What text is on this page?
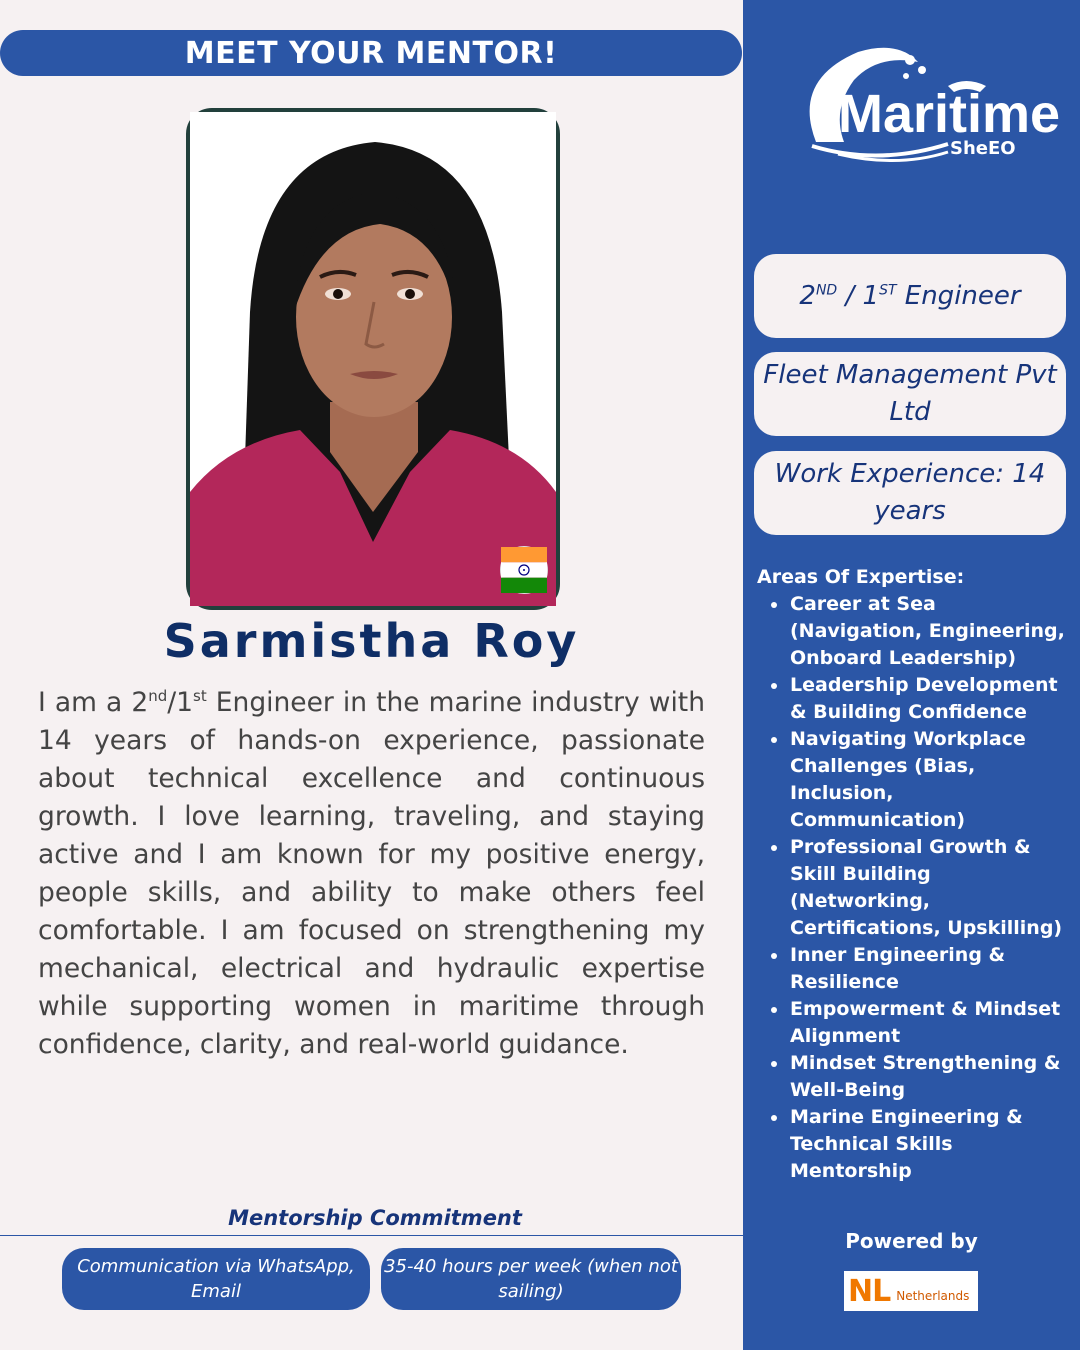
MEET YOUR MENTOR!
Sarmistha Roy
I am a 2nd/1st Engineer in the marine industry with 14 years of hands-on experience, passionate about technical excellence and continuous growth. I love learning, traveling, and staying active and I am known for my positive energy, people skills, and ability to make others feel comfortable. I am focused on strengthening my mechanical, electrical and hydraulic expertise while supporting women in maritime through confidence, clarity, and real-world guidance.
Mentorship Commitment
Communication via WhatsApp, Email
35-40 hours per week (when not sailing)
Maritime
SheEO
2ND / 1ST Engineer
Fleet Management Pvt Ltd
Work Experience: 14 years
Areas Of Expertise:
Career at Sea (Navigation, Engineering, Onboard Leadership)
Leadership Development & Building Confidence
Navigating Workplace Challenges (Bias, Inclusion, Communication)
Professional Growth & Skill Building (Networking, Certifications, Upskilling)
Inner Engineering & Resilience
Empowerment & Mindset Alignment
Mindset Strengthening & Well-Being
Marine Engineering & Technical Skills Mentorship
Powered by
NL Netherlands
